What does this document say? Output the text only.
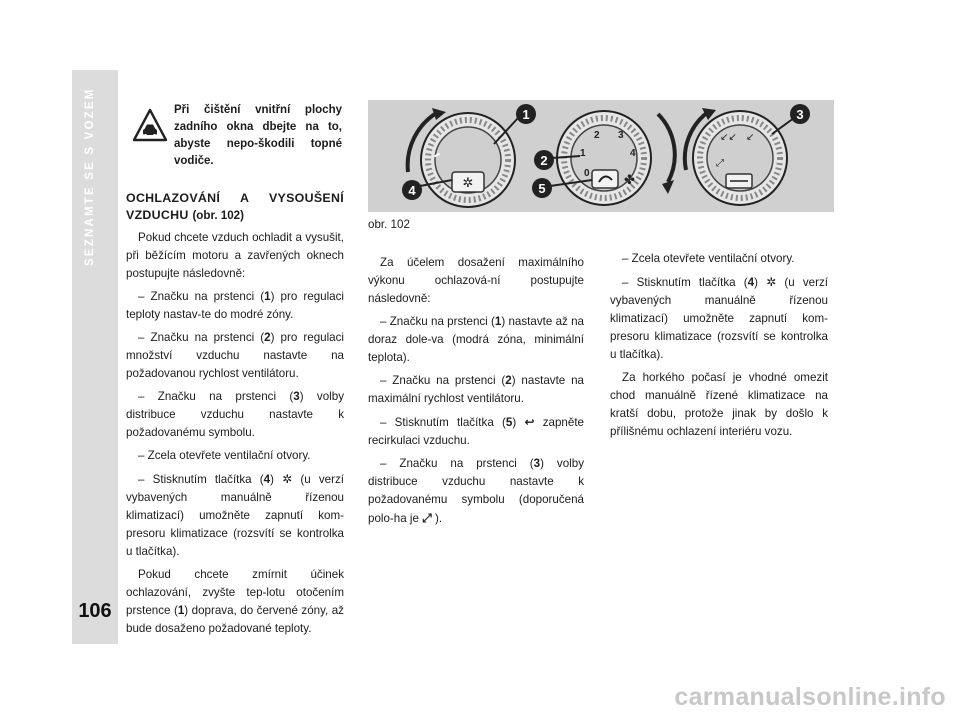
SEZNAMTE SE S VOZEM
106
Při čištění vnitřní plochy zadního okna dbejte na to, abyste nepo-škodili topné vodiče.

OCHLAZOVÁNÍ A VYSOUŠENÍ VZDUCHU (obr. 102)

Pokud chcete vzduch ochladit a vysušit, při běžícím motoru a zavřených oknech postupujte následovně:

– Značku na prstenci (1) pro regulaci teploty nastav-te do modré zóny.

– Značku na prstenci (2) pro regulaci množství vzduchu nastavte na požadovanou rychlost ventilátoru.

– Značku na prstenci (3) volby distribuce vzduchu nastavte k požadovanému symbolu.

– Zcela otevřete ventilační otvory.

– Stisknutím tlačítka (4) ✲ (u verzí vybavených manuálně řízenou klimatizací) umožněte zapnutí kom-presoru klimatizace (rozsvítí se kontrolka u tlačítka).

Pokud chcete zmírnit účinek ochlazování, zvyšte tep-lotu otočením prstence (1) doprava, do červené zóny, až bude dosaženo požadované teploty.

✲
0
1
2 3
4
✤
↙↙
⤢
↙
1
2
3
4	5
obr. 102

Za účelem dosažení maximálního výkonu ochlazová-ní postupujte následovně:

– Značku na prstenci (1) nastavte až na doraz dole-va (modrá zóna, minimální teplota).

– Značku na prstenci (2) nastavte na maximální rychlost ventilátoru.

– Stisknutím tlačítka (5) ↩ zapněte recirkulaci vzduchu.

– Značku na prstenci (3) volby distribuce vzduchu nastavte k požadovanému symbolu (doporučená polo-ha je ⤢ ).

– Zcela otevřete ventilační otvory.

– Stisknutím tlačítka (4) ✲ (u verzí vybavených manuálně řízenou klimatizací) umožněte zapnutí kom-presoru klimatizace (rozsvítí se kontrolka u tlačítka).

Za horkého počasí je vhodné omezit chod manuálně řízené klimatizace na kratší dobu, protože jinak by došlo k přílišnému ochlazení interiéru vozu.

carmanualsonline.info
